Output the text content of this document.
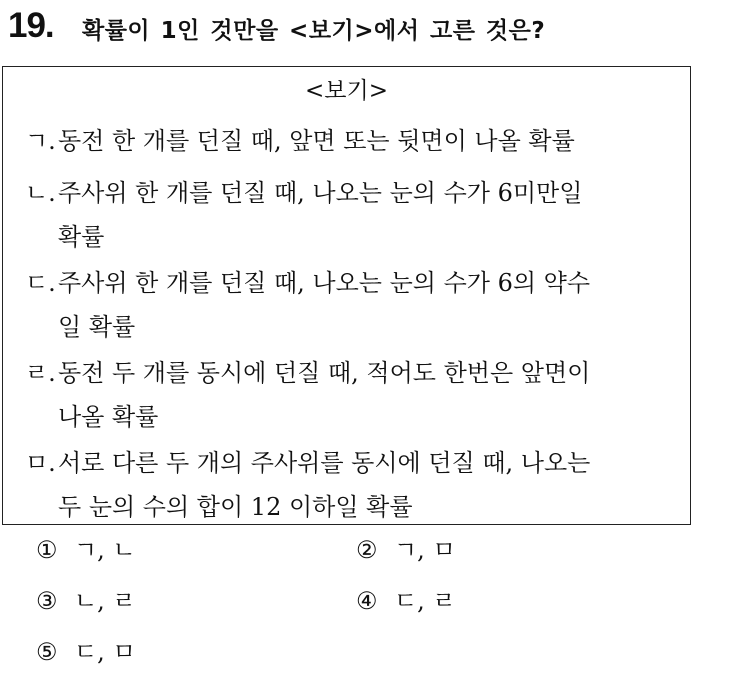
19. 확률이 1인 것만을 <보기>에서 고른 것은?
<보기>
ㄱ.동전 한 개를 던질 때, 앞면 또는 뒷면이 나올 확률
ㄴ.주사위 한 개를 던질 때, 나오는 눈의 수가 6미만일
확률
ㄷ.주사위 한 개를 던질 때, 나오는 눈의 수가 6의 약수
일 확률
ㄹ.동전 두 개를 동시에 던질 때, 적어도 한번은 앞면이
나올 확률
ㅁ.서로 다른 두 개의 주사위를 동시에 던질 때, 나오는
두 눈의 수의 합이 12 이하일 확률
① ㄱ, ㄴ	② ㄱ, ㅁ
③ ㄴ, ㄹ	④ ㄷ, ㄹ
⑤ ㄷ, ㅁ
